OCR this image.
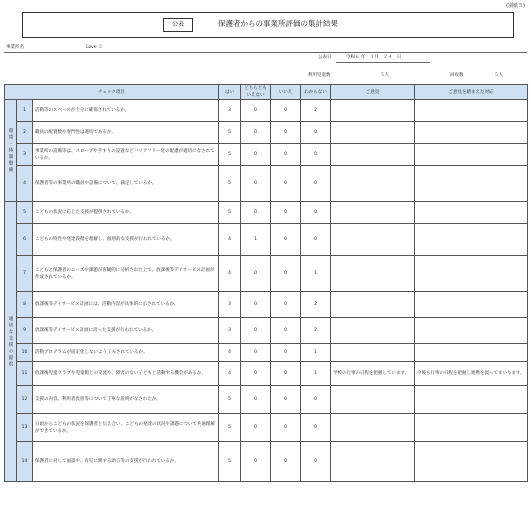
(別紙５)
公表	保護者からの事業所評価の集計結果
事業所名	Love ３
公表日	令和６ 年　１月　２４　日
利用児童数	５人	回収数	５人
チェック項目			はい	どちらともいえない	いいえ	わからない	ご意見	ご意見を踏まえた対応
環境・体制整備	1	活動等のスペースが十分に確保されているか。	3	0	0	2		
	2	職員の配置数や専門性は適切であるか。	5	0	0	0		
	3	事業所の設備等は、スロープや手すりの設置などバリアフリー化の配慮が適切になされているか。	5	0	0	0		
	4	保護者等の事業所の職員や設備について、満足しているか。	5	0	0	0		
適切な支援の提供	5	こどもの状況に応じた支援が提供されているか。	5	0	0	0		
	6	こどもの特性や発達段階を理解し、個別的な支援が行われているか。	4	1	0	0		
	7	こどもと保護者のニーズや課題が客観的に分析された上で、放課後等デイサービス計画が作成されているか。	4	0	0	1		
	8	放課後等デイサービス計画には、活動内容が具体的に示されているか。	3	0	0	2		
	9	放課後等デイサービス計画に沿った支援が行われているか。	3	0	0	2		
	10	活動プログラムが固定化しないよう工夫されているか。	4	0	0	1		
	11	放課後児童クラブや児童館との交流や、障害のない子どもと活動する機会があるか。	4	0	0	1	学校の行事の日程を把握しています。	今後も行事の日程を把握し連携を図ってまいります。
	12	支援の内容、利用者負担等について丁寧な説明がなされたか。	5	0	0	0		
	13	日頃からこどもの状況を保護者と伝え合い、こどもの発達の状況や課題について共通理解ができているか。	5	0	0	0		
	14	保護者に対して面談や、育児に関する助言等の支援が行われているか。	5	0	0	0		
